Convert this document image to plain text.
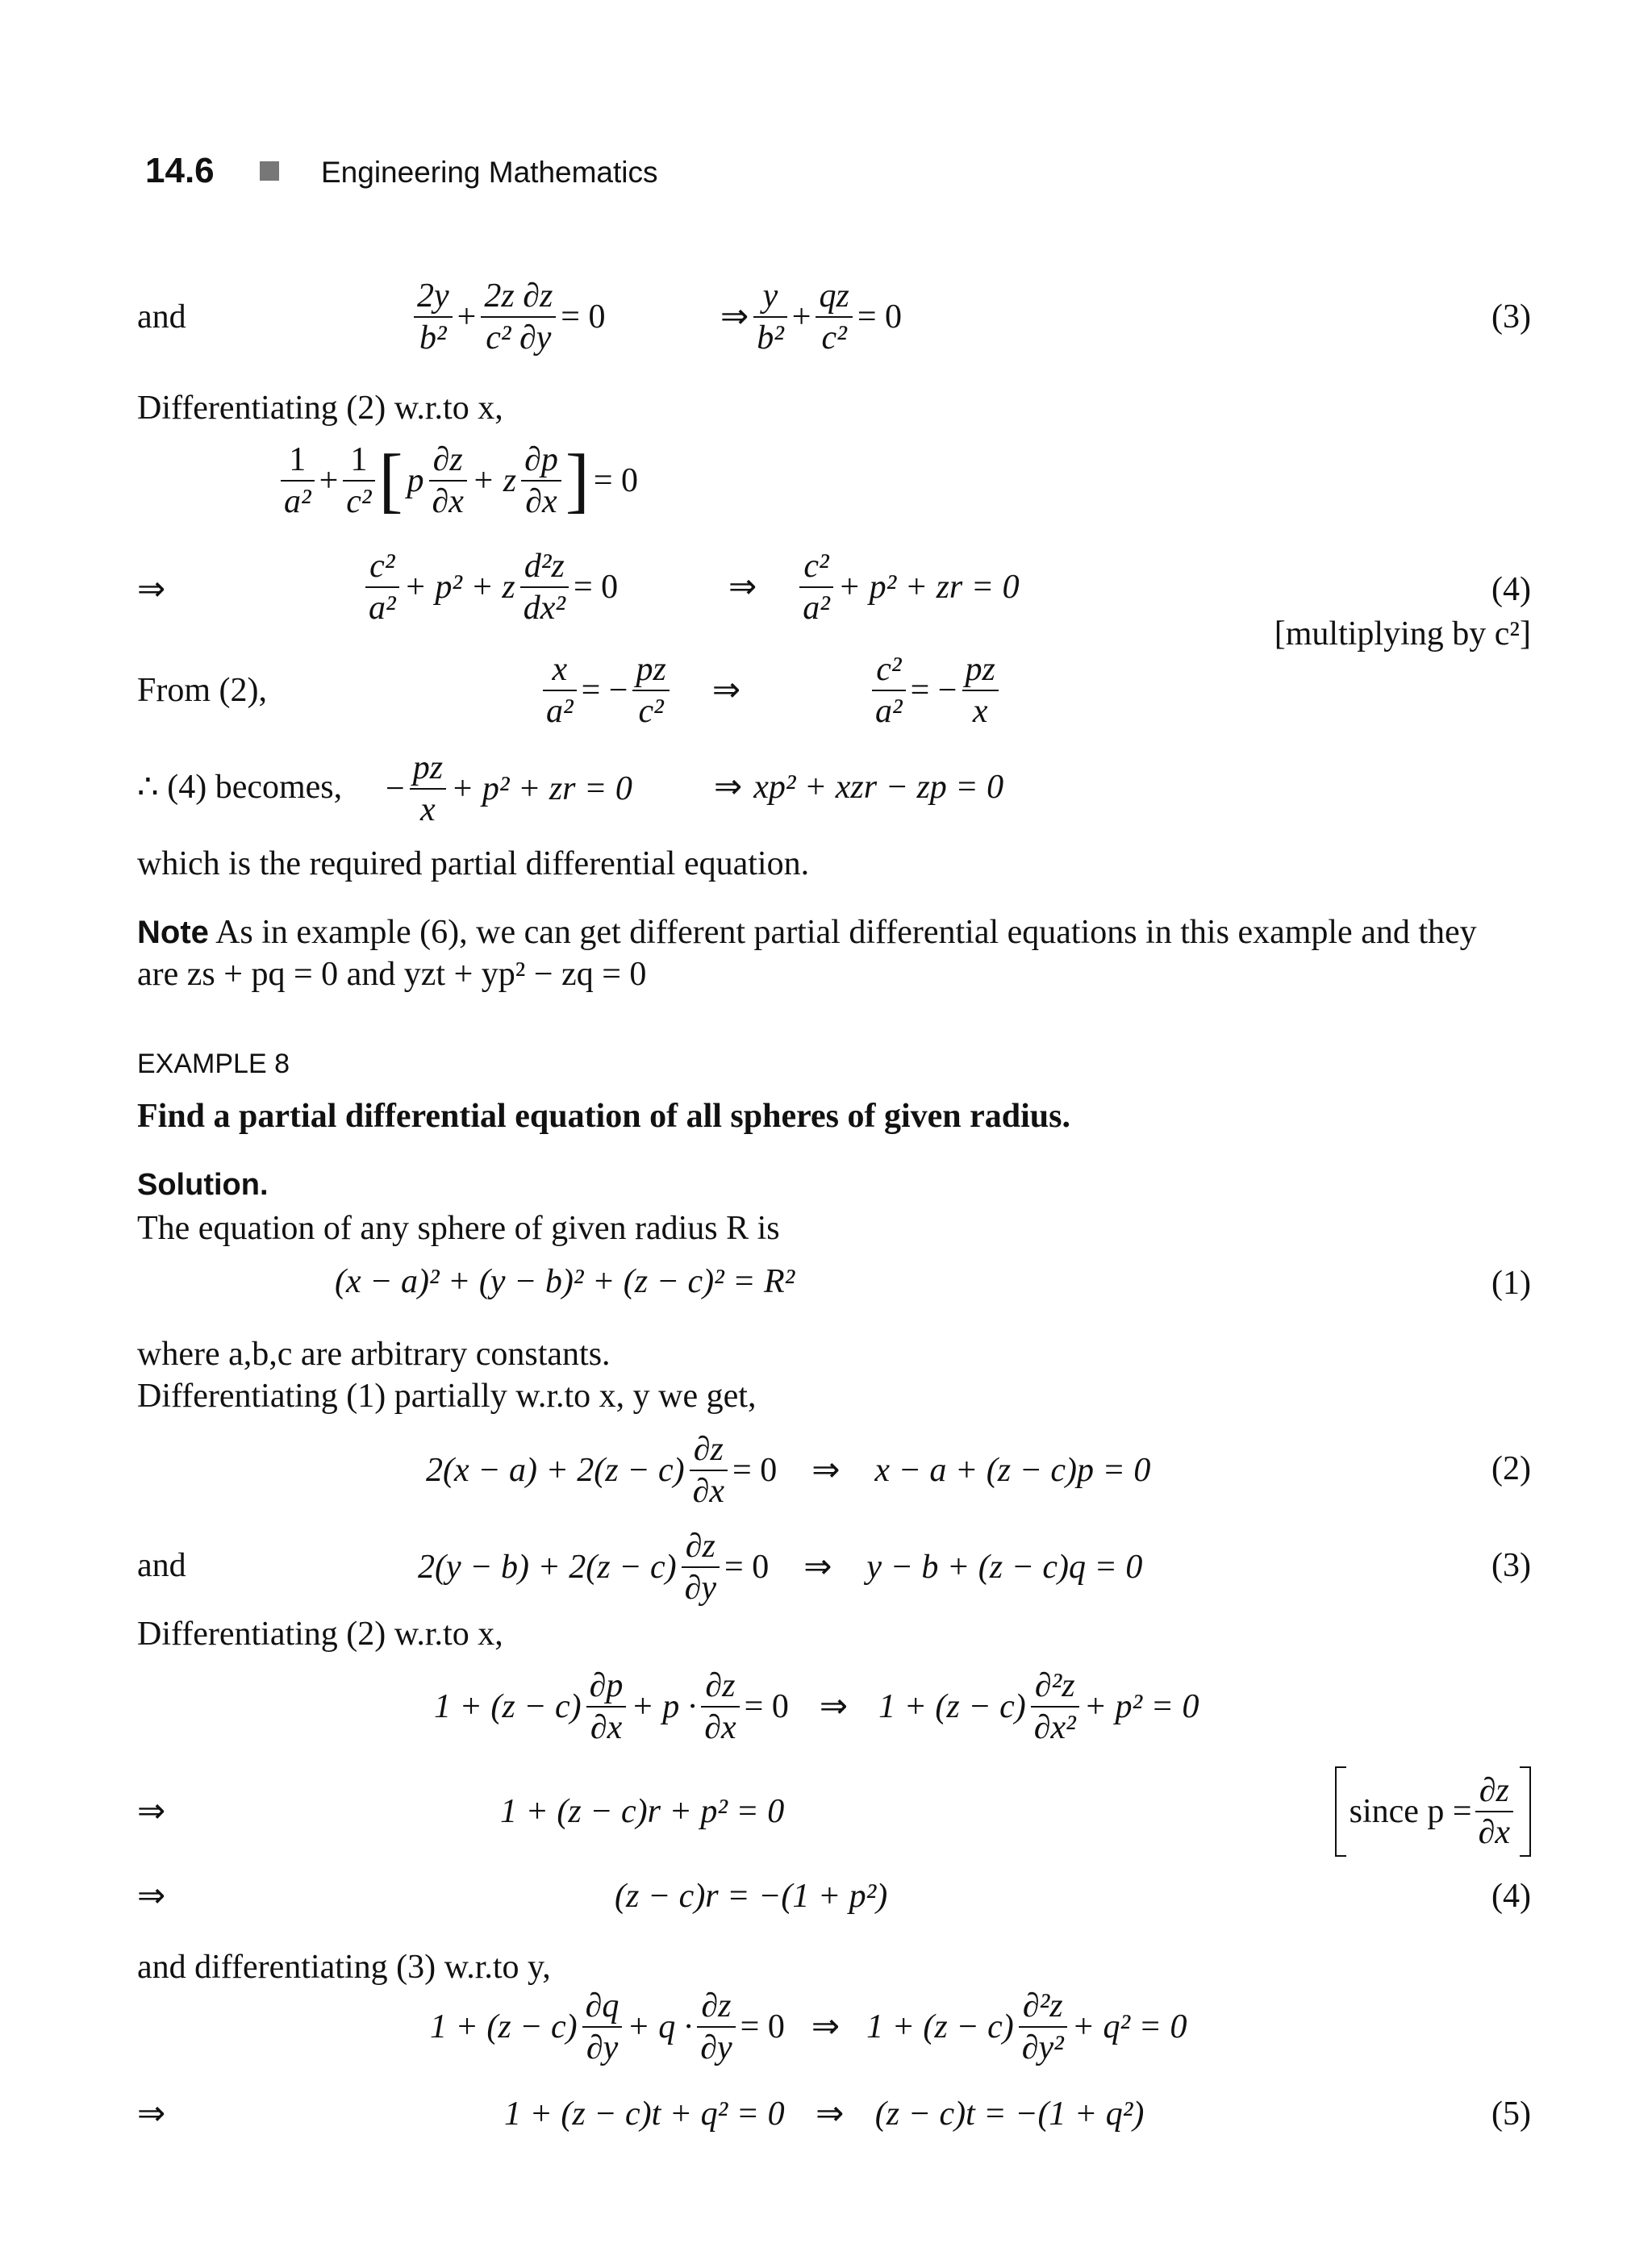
14.6	Engineering Mathematics
and	$\frac{2y}{\text{b²}} + \frac{2z \partial z}{\text{c² ∂y}} = 0$	⇒ $\frac{y}{\text{b²}} + \frac{qz}{\text{c²}} = 0$	(3)
Differentiating (2) w.r.to x,
$\frac{1}{\text{a²}} + \frac{1}{\text{c²}}$ [ p $\frac{\partial z}{\partial x} + z \frac{\partial p}{\partial x}$ ] = 0
⇒	$\frac{\text{c²}}{\text{a²}} + p^2 + z \frac{\text{d²z}}{\text{dx²}} = 0$	⇒ $\frac{\text{c²}}{\text{a²}} + p^2$ + zr = 0	(4)
[multiplying by c²]
From (2),	$\frac{x}{\text{a²}}$ = − $\frac{pz}{\text{c²}}$ ⇒	$\frac{\text{c²}}{\text{a²}}$ = − $\frac{pz}{x}$
∴ (4) becomes, − $\frac{pz}{x} + p^2$ + zr = 0 ⇒ xp² + xzr − zp = 0
which is the required partial differential equation.
Note As in example (6), we can get different partial differential equations in this example and they
are zs + pq = 0 and yzt + yp² − zq = 0
EXAMPLE 8
Find a partial differential equation of all spheres of given radius.
Solution.
The equation of any sphere of given radius R is
(x − a)² + (y − b)² + (z − c)² = R²	(1)
where a,b,c are arbitrary constants.
Differentiating (1) partially w.r.to x, y we get,
$2(x - a) + 2(z - c) \frac{\partial z}{\partial x} = 0$ ⇒ x − a + (z − c)p = 0	(2)
and	$2(y - b) + 2(z - c) \frac{\partial z}{\partial y} = 0$ ⇒ y − b + (z − c)q = 0	(3)
Differentiating (2) w.r.to x,
$1 + (z - c) \frac{\partial p}{\partial x} + p \cdot \frac{\partial z}{\partial x} = 0$ ⇒ $1 + (z - c) \frac{\text{∂²z}}{\text{∂x²}} + p^2 = 0$
⇒	1 + (z − c)r + p² = 0	since $p = \frac{\partial z}{\partial x}$
⇒	(z − c)r = −(1 + p²)	(4)
and differentiating (3) w.r.to y,
$1 + (z - c) \frac{\partial q}{\partial y} + q \cdot \frac{\partial z}{\partial y} = 0$ ⇒ $1 + (z - c) \frac{\text{∂²z}}{\text{∂y²}} + q^2 = 0$
⇒	1 + (z − c)t + q² = 0 ⇒ (z − c)t = −(1 + q²)	(5)
